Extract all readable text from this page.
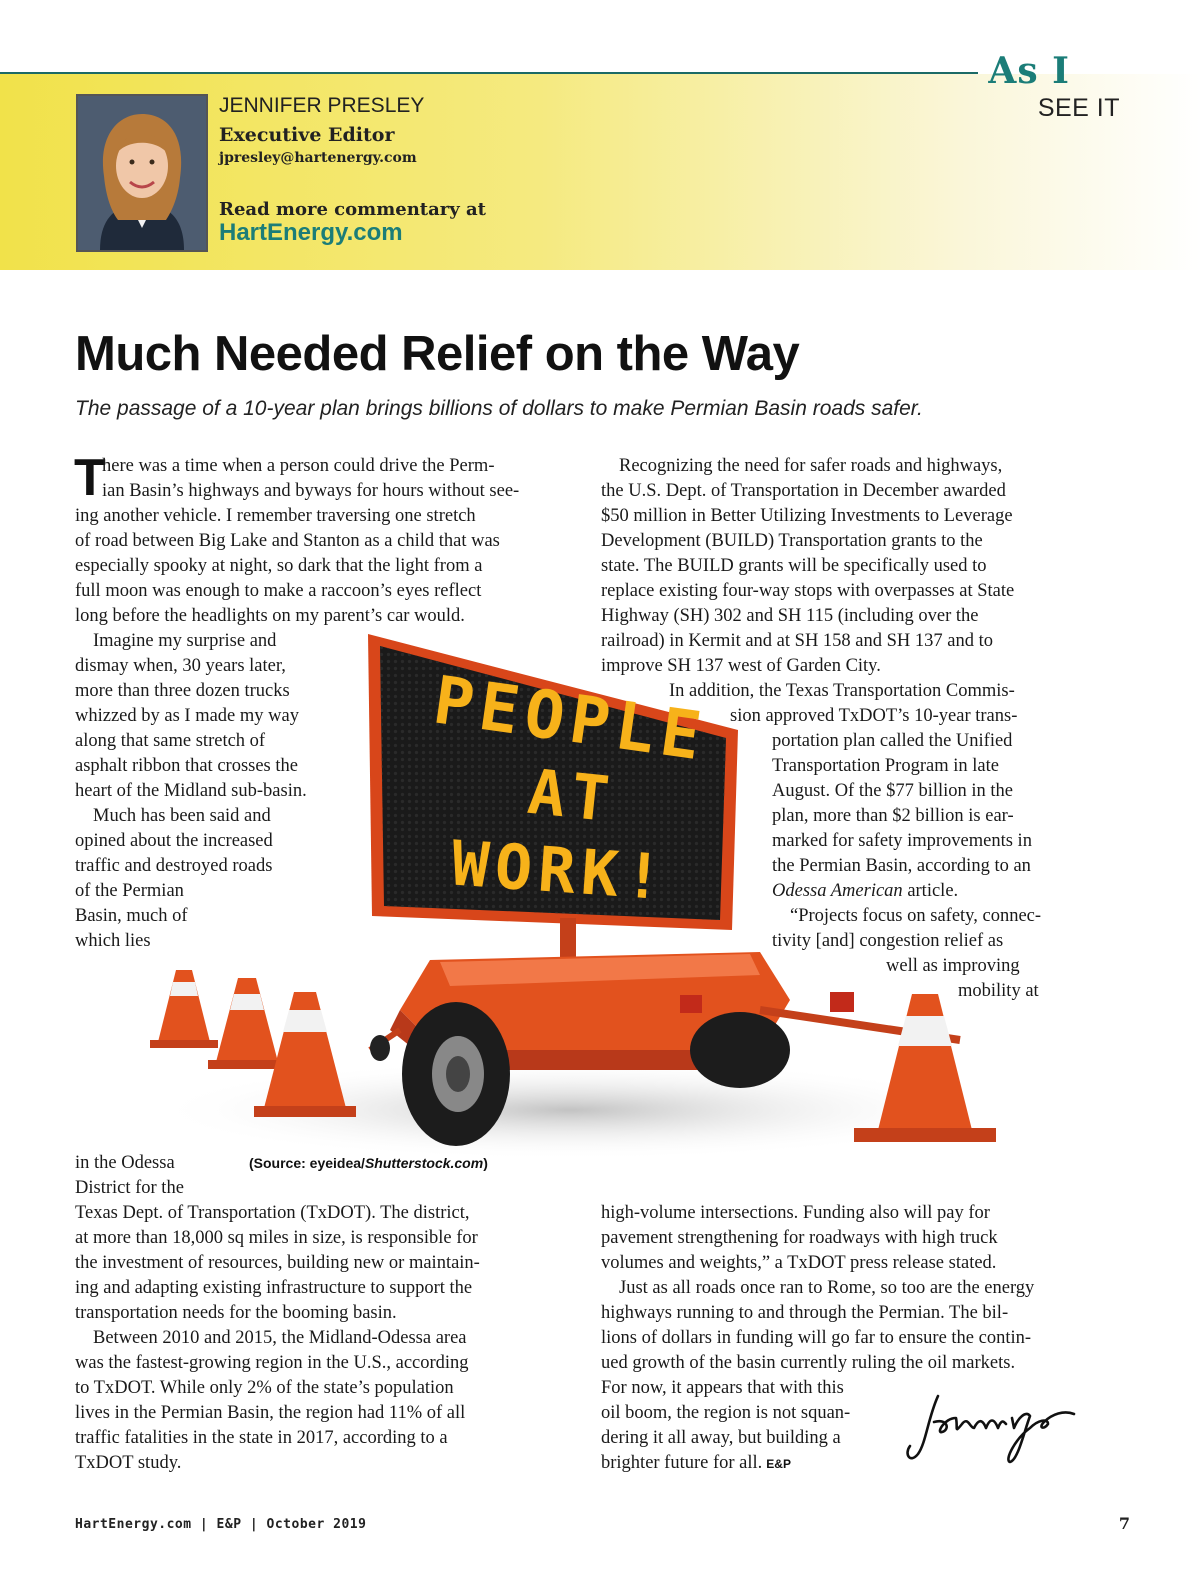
As I
SEE IT
JENNIFER PRESLEY
Executive Editor
jpresley@hartenergy.com
Read more commentary at
HartEnergy.com
Much Needed Relief on the Way
The passage of a 10-year plan brings billions of dollars to make Permian Basin roads safer.
PEOPLE
AT
WORK!
T
here was a time when a person could drive the Perm-
ian Basin’s highways and byways for hours without see-
ing another vehicle. I remember traversing one stretch
of road between Big Lake and Stanton as a child that was
especially spooky at night, so dark that the light from a
full moon was enough to make a raccoon’s eyes reflect
long before the headlights on my parent’s car would.
Imagine my surprise and
dismay when, 30 years later,
more than three dozen trucks
whizzed by as I made my way
along that same stretch of
asphalt ribbon that crosses the
heart of the Midland sub-basin.
Much has been said and
opined about the increased
traffic and destroyed roads
of the Permian
Basin, much of
which lies
(Source: eyeidea/Shutterstock.com)
in the Odessa
District for the
Texas Dept. of Transportation (TxDOT). The district,
at more than 18,000 sq miles in size, is responsible for
the investment of resources, building new or maintain-
ing and adapting existing infrastructure to support the
transportation needs for the booming basin.
Between 2010 and 2015, the Midland-Odessa area
was the fastest-growing region in the U.S., according
to TxDOT. While only 2% of the state’s population
lives in the Permian Basin, the region had 11% of all
traffic fatalities in the state in 2017, according to a
TxDOT study.
Recognizing the need for safer roads and highways,
the U.S. Dept. of Transportation in December awarded
$50 million in Better Utilizing Investments to Leverage
Development (BUILD) Transportation grants to the
state. The BUILD grants will be specifically used to
replace existing four-way stops with overpasses at State
Highway (SH) 302 and SH 115 (including over the
railroad) in Kermit and at SH 158 and SH 137 and to
improve SH 137 west of Garden City.
In addition, the Texas Transportation Commis-
sion approved TxDOT’s 10-year trans-
portation plan called the Unified
Transportation Program in late
August. Of the $77 billion in the
plan, more than $2 billion is ear-
marked for safety improvements in
the Permian Basin, according to an
Odessa American article.
“Projects focus on safety, connec-
tivity [and] congestion relief as
well as improving
mobility at
high-volume intersections. Funding also will pay for
pavement strengthening for roadways with high truck
volumes and weights,” a TxDOT press release stated.
Just as all roads once ran to Rome, so too are the energy
highways running to and through the Permian. The bil-
lions of dollars in funding will go far to ensure the contin-
ued growth of the basin currently ruling the oil markets.
For now, it appears that with this
oil boom, the region is not squan-
dering it all away, but building a
brighter future for all. E&P
HartEnergy.com | E&P | October 2019	7
